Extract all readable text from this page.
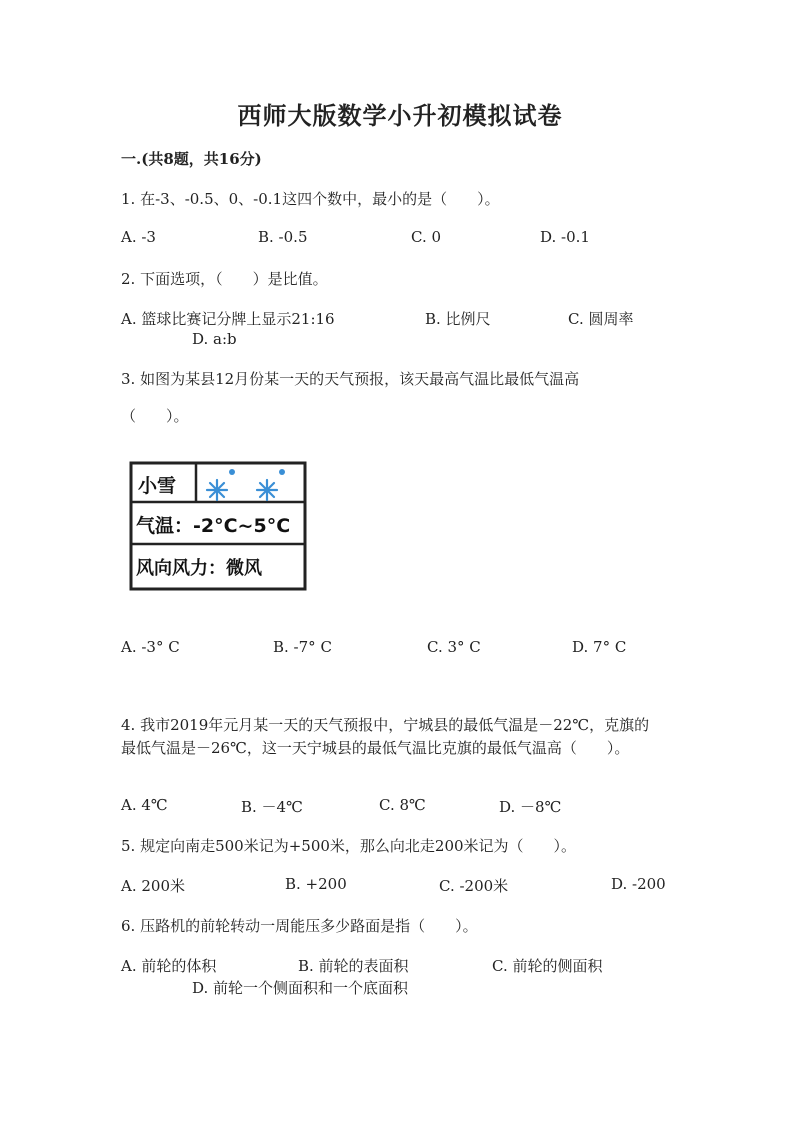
西师大版数学小升初模拟试卷
一.(共8题，共16分)
1. 在-3、-0.5、0、-0.1这四个数中，最小的是（　　）。
A. -3	B. -0.5	C. 0	D. -0.1
2. 下面选项，（　　）是比值。
A. 篮球比赛记分牌上显示21:16	B. 比例尺	C. 圆周率
D. a:b
3. 如图为某县12月份某一天的天气预报，该天最高气温比最低气温高
（　　）。
小雪
气温：-2°C~5°C
风向风力：微风
A. -3° C	B. -7° C	C. 3° C	D. 7° C
4. 我市2019年元月某一天的天气预报中，宁城县的最低气温是－22℃，克旗的
最低气温是－26℃，这一天宁城县的最低气温比克旗的最低气温高（　　）。
A. 4℃	B. －4℃	C. 8℃	D. －8℃
5. 规定向南走500米记为+500米，那么向北走200米记为（　　）。
A. 200米	B. +200	C. -200米	D. -200
6. 压路机的前轮转动一周能压多少路面是指（　　）。
A. 前轮的体积	B. 前轮的表面积	C. 前轮的侧面积
D. 前轮一个侧面积和一个底面积
